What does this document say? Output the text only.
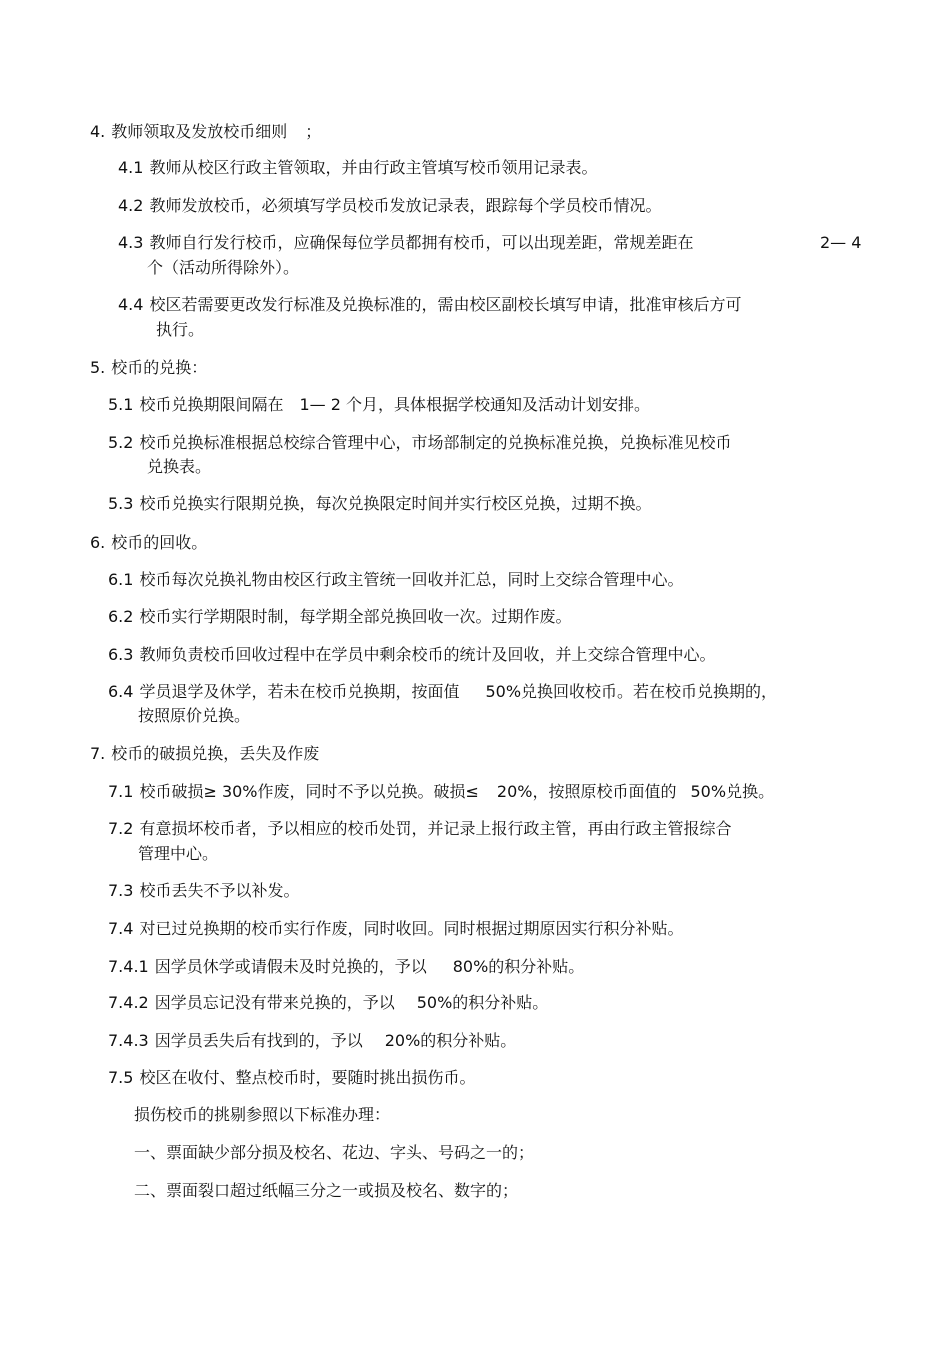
4. 教师领取及发放校币细则 ；
4.1 教师从校区行政主管领取，并由行政主管填写校币领用记录表。
4.2 教师发放校币，必须填写学员校币发放记录表，跟踪每个学员校币情况。
4.3 教师自行发行校币，应确保每位学员都拥有校币，可以出现差距，常规差距在	2— 4
个（活动所得除外）。
4.4 校区若需要更改发行标准及兑换标准的，需由校区副校长填写申请，批准审核后方可
执行。
5. 校币的兑换：
5.1 校币兑换期限间隔在 1— 2 个月，具体根据学校通知及活动计划安排。
5.2 校币兑换标准根据总校综合管理中心，市场部制定的兑换标准兑换，兑换标准见校币
兑换表。
5.3 校币兑换实行限期兑换，每次兑换限定时间并实行校区兑换，过期不换。
6. 校币的回收。
6.1 校币每次兑换礼物由校区行政主管统一回收并汇总，同时上交综合管理中心。
6.2 校币实行学期限时制，每学期全部兑换回收一次。过期作废。
6.3 教师负责校币回收过程中在学员中剩余校币的统计及回收，并上交综合管理中心。
6.4 学员退学及休学，若未在校币兑换期，按面值 50%兑换回收校币。若在校币兑换期的，
按照原价兑换。
7. 校币的破损兑换，丢失及作废
7.1 校币破损≥ 30%作废，同时不予以兑换。破损≤ 20%，按照原校币面值的 50%兑换。
7.2 有意损坏校币者，予以相应的校币处罚，并记录上报行政主管，再由行政主管报综合
管理中心。
7.3 校币丢失不予以补发。
7.4 对已过兑换期的校币实行作废，同时收回。同时根据过期原因实行积分补贴。
7.4.1 因学员休学或请假未及时兑换的，予以 80%的积分补贴。
7.4.2 因学员忘记没有带来兑换的，予以 50%的积分补贴。
7.4.3 因学员丢失后有找到的，予以 20%的积分补贴。
7.5 校区在收付、整点校币时，要随时挑出损伤币。
损伤校币的挑剔参照以下标准办理：
一、票面缺少部分损及校名、花边、字头、号码之一的；
二、票面裂口超过纸幅三分之一或损及校名、数字的；
